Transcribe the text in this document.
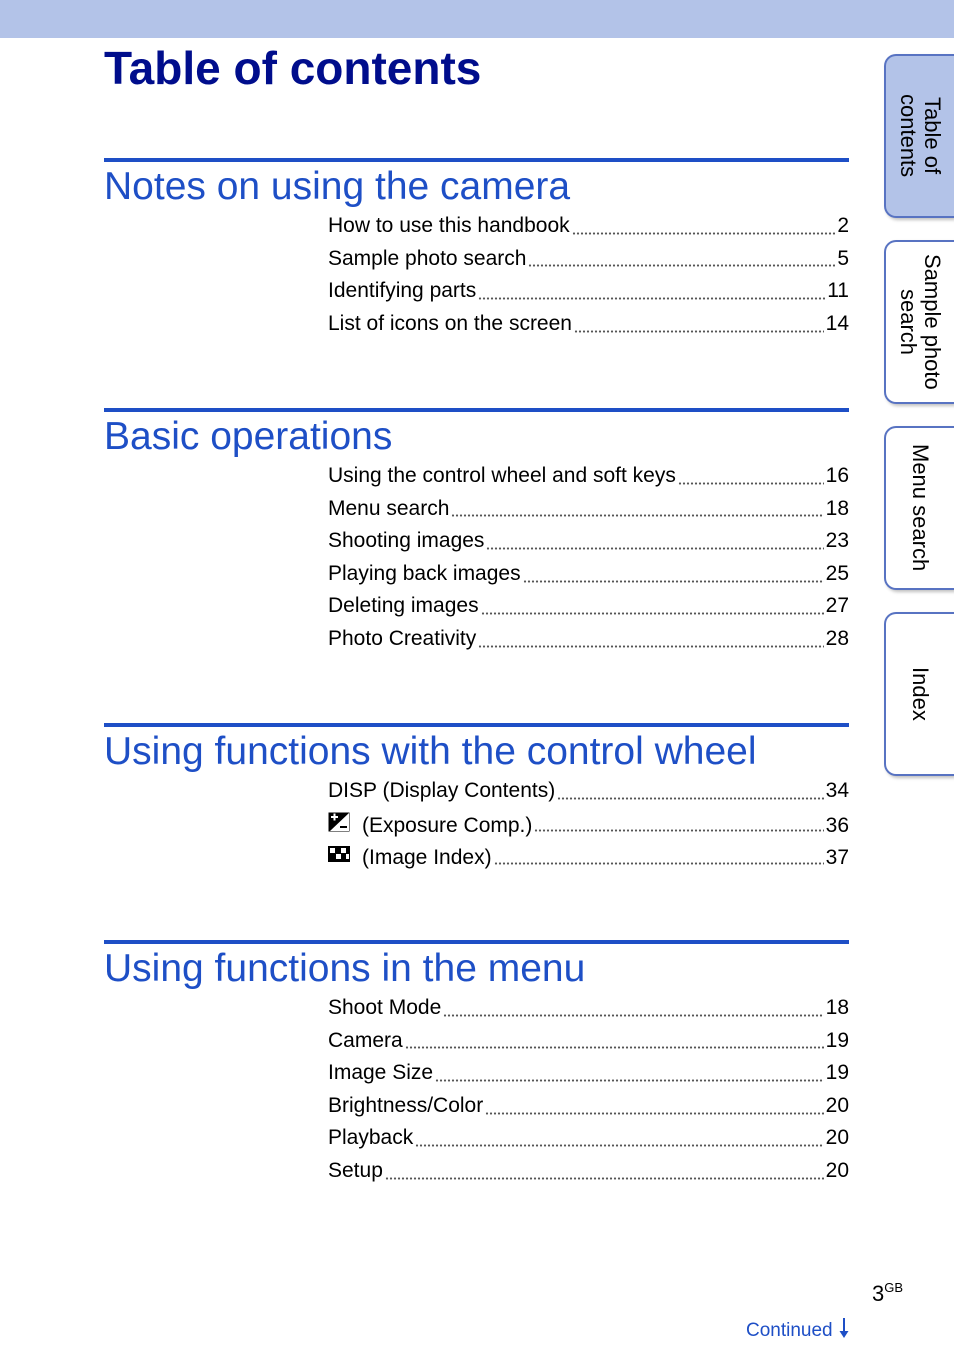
Table of contents
Notes on using the camera
How to use this handbook	2
Sample photo search	5
Identifying parts	11
List of icons on the screen	14
Basic operations
Using the control wheel and soft keys	16
Menu search	18
Shooting images	23
Playing back images	25
Deleting images	27
Photo Creativity	28
Using functions with the control wheel
DISP (Display Contents)	34
(Exposure Comp.)	36
(Image Index)	37
Using functions in the menu
Shoot Mode	18
Camera	19
Image Size	19
Brightness/Color	20
Playback	20
Setup	20
Table of
contents
Sample photo
search
Menu search
Index
$3^{GB}$
Continued
